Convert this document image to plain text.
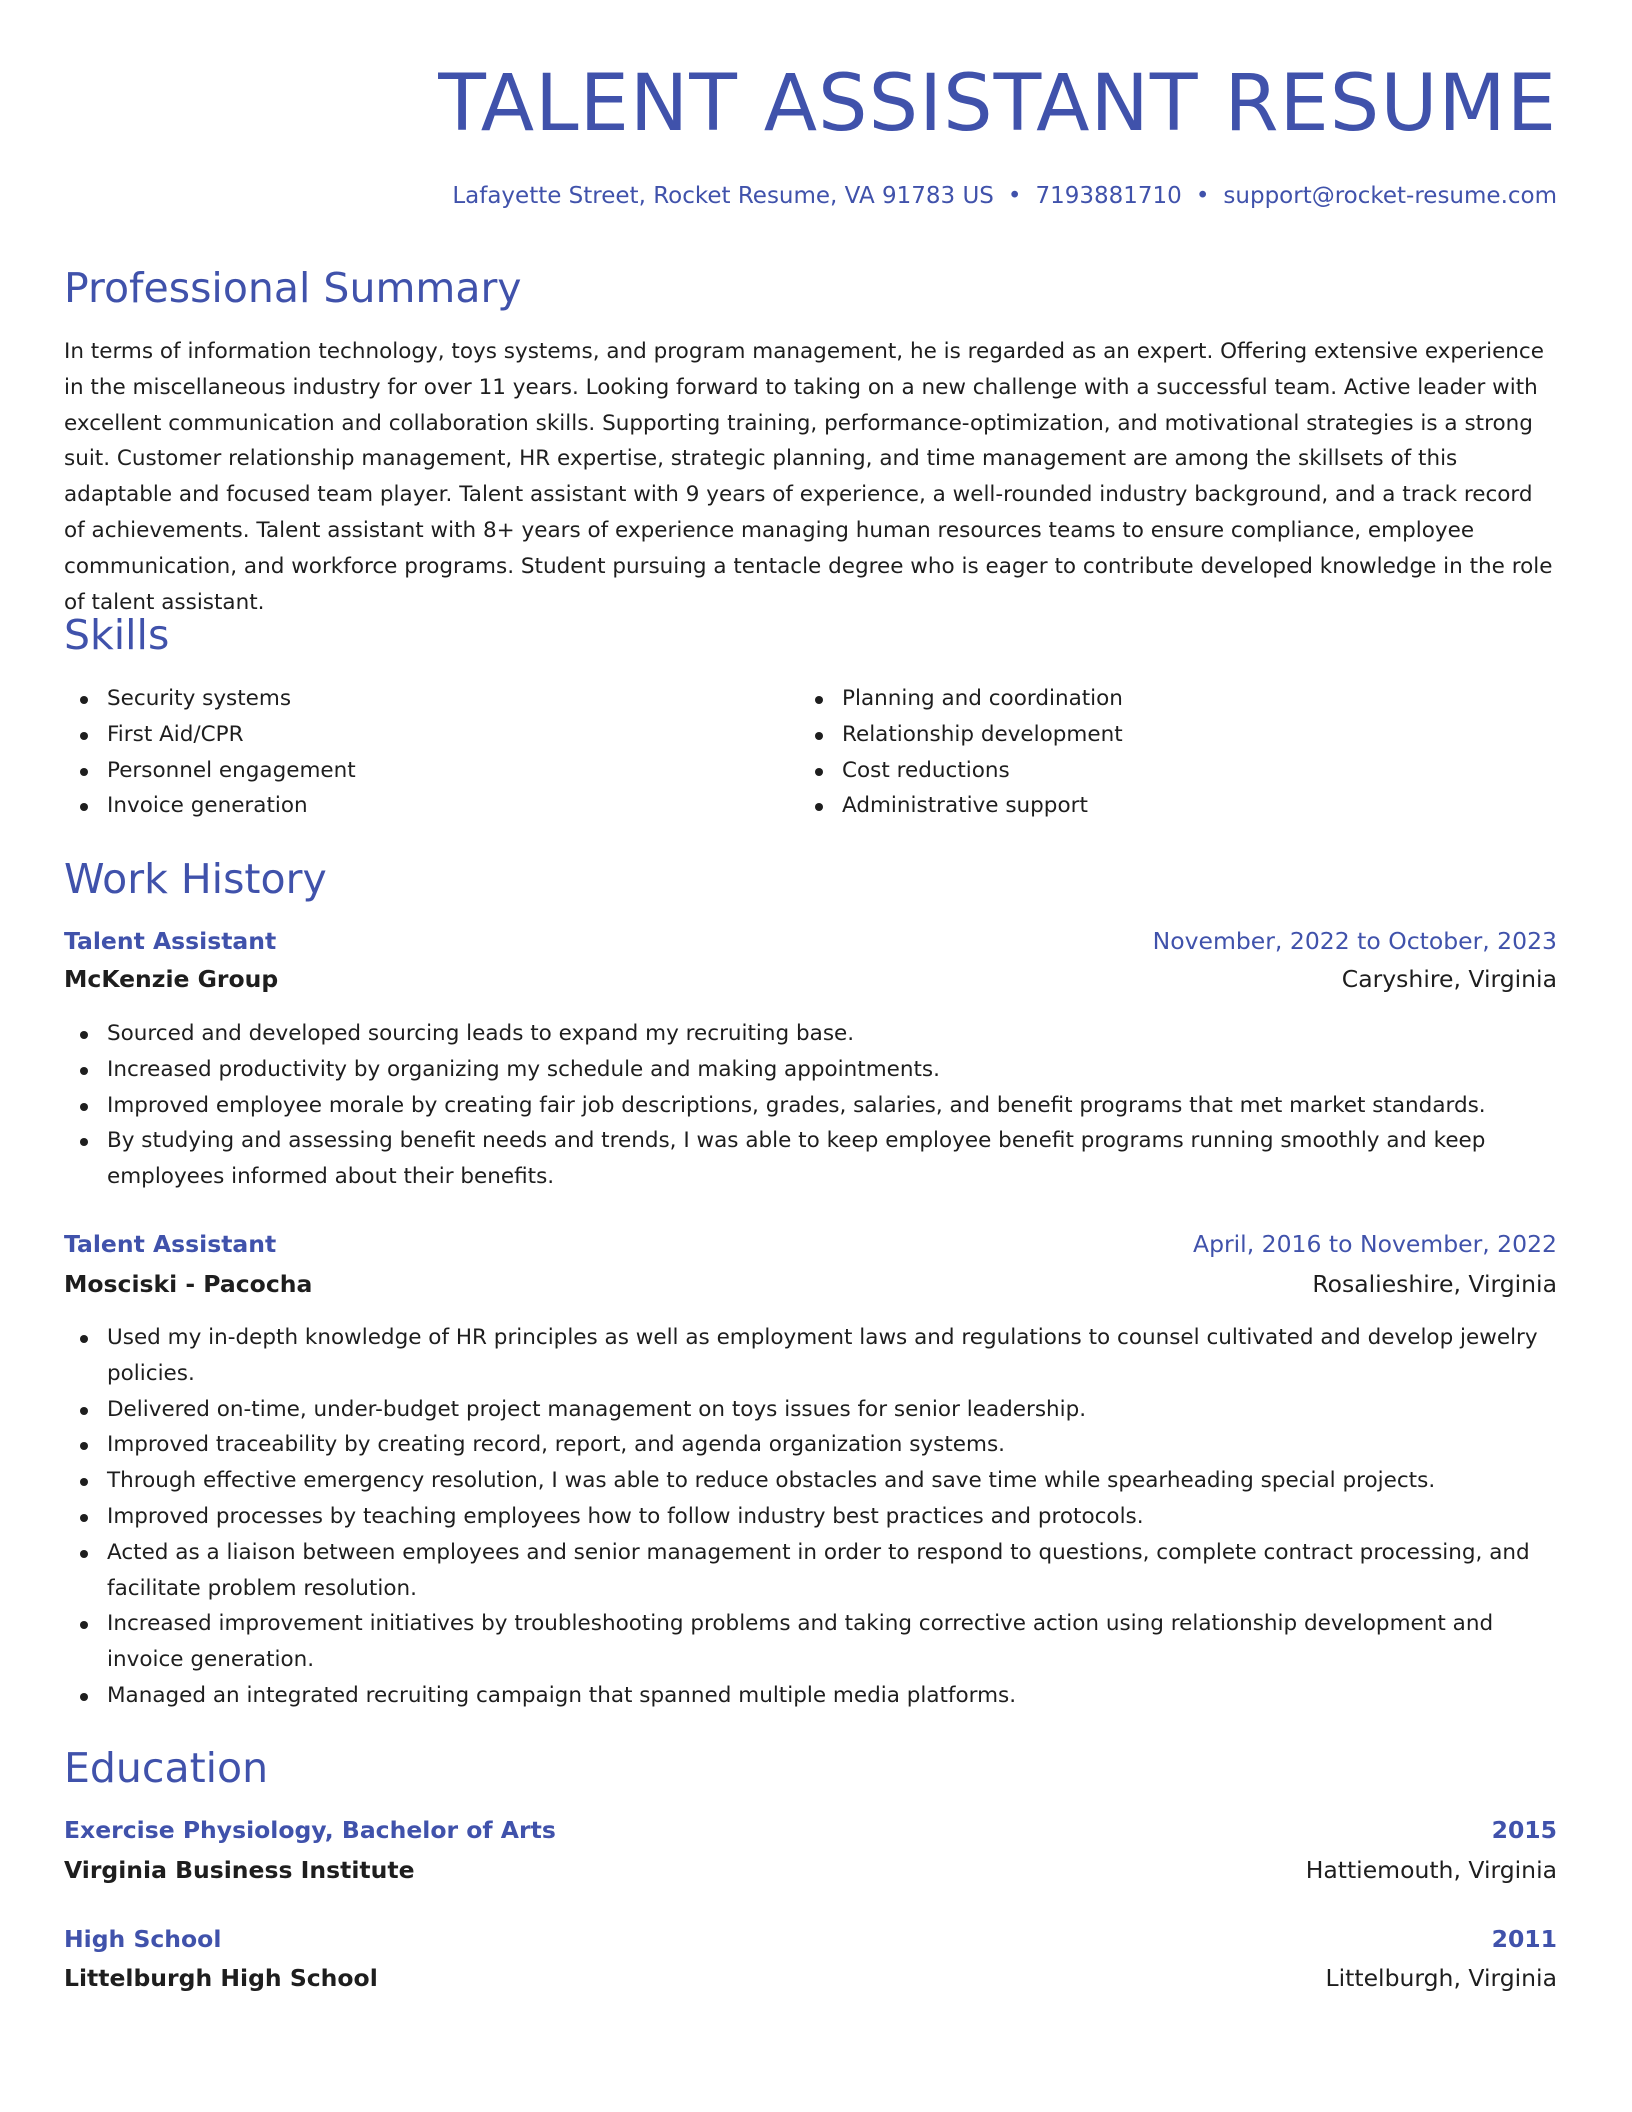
TALENT ASSISTANT RESUME
Lafayette Street, Rocket Resume, VA 91783 US • 7193881710 • support@rocket-resume.com
Professional Summary

In terms of information technology, toys systems, and program management, he is regarded as an expert. Offering extensive experience in the miscellaneous industry for over 11 years. Looking forward to taking on a new challenge with a successful team. Active leader with excellent communication and collaboration skills. Supporting training, performance-optimization, and motivational strategies is a strong suit. Customer relationship management, HR expertise, strategic planning, and time management are among the skillsets of this adaptable and focused team player. Talent assistant with 9 years of experience, a well-rounded industry background, and a track record of achievements. Talent assistant with 8+ years of experience managing human resources teams to ensure compliance, employee communication, and workforce programs. Student pursuing a tentacle degree who is eager to contribute developed knowledge in the role of talent assistant.

Skills
Security systems
First Aid/CPR
Personnel engagement
Invoice generation
Planning and coordination
Relationship development
Cost reductions
Administrative support
Work History
Talent Assistant	November, 2022 to October, 2023
McKenzie Group	Caryshire, Virginia
Sourced and developed sourcing leads to expand my recruiting base.
Increased productivity by organizing my schedule and making appointments.
Improved employee morale by creating fair job descriptions, grades, salaries, and benefit programs that met market standards.
By studying and assessing benefit needs and trends, I was able to keep employee benefit programs running smoothly and keep employees informed about their benefits.
Talent Assistant	April, 2016 to November, 2022
Mosciski - Pacocha	Rosalieshire, Virginia
Used my in-depth knowledge of HR principles as well as employment laws and regulations to counsel cultivated and develop jewelry policies.
Delivered on-time, under-budget project management on toys issues for senior leadership.
Improved traceability by creating record, report, and agenda organization systems.
Through effective emergency resolution, I was able to reduce obstacles and save time while spearheading special projects.
Improved processes by teaching employees how to follow industry best practices and protocols.
Acted as a liaison between employees and senior management in order to respond to questions, complete contract processing, and facilitate problem resolution.
Increased improvement initiatives by troubleshooting problems and taking corrective action using relationship development and invoice generation.
Managed an integrated recruiting campaign that spanned multiple media platforms.
Education
Exercise Physiology, Bachelor of Arts	2015
Virginia Business Institute	Hattiemouth, Virginia
High School	2011
Littelburgh High School	Littelburgh, Virginia
